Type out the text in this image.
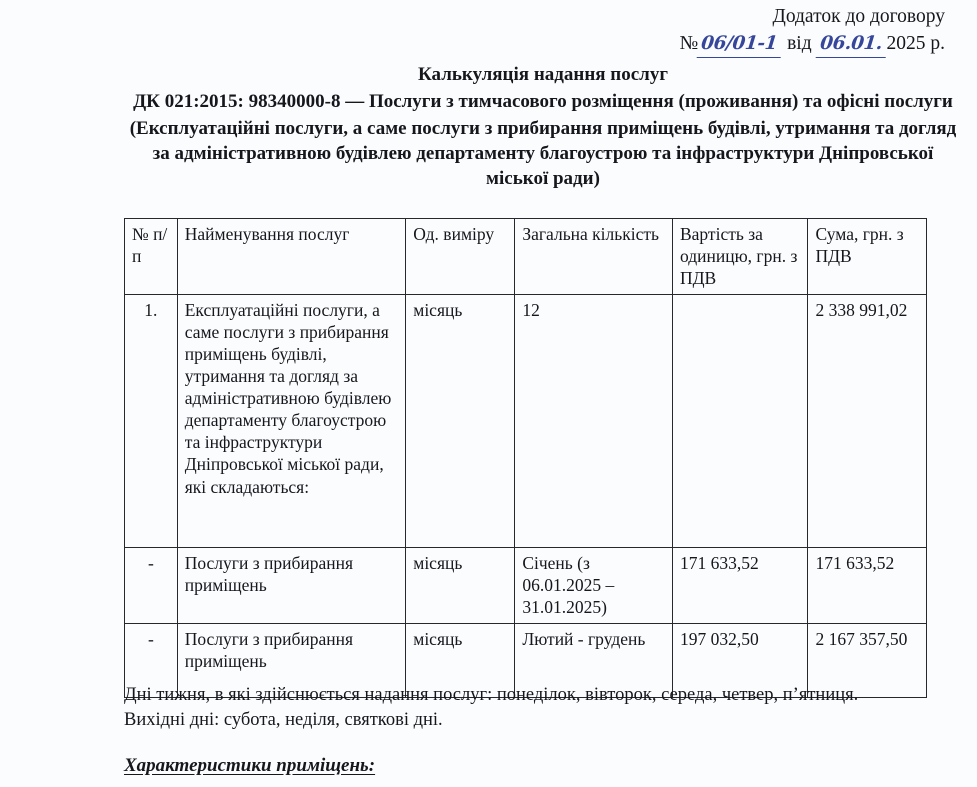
Додаток до договору
№ 06/01-1 від 06.01. 2025 р.
Калькуляція надання послуг
ДК 021:2015: 98340000-8 — Послуги з тимчасового розміщення (проживання) та офісні послуги
(Експлуатаційні послуги, а саме послуги з прибирання приміщень будівлі, утримання та догляд за адміністративною будівлею департаменту благоустрою та інфраструктури Дніпровської міської ради)
№ п/п	Найменування послуг	Од. виміру	Загальна кількість	Вартість за одиницю, грн. з ПДВ	Сума, грн. з ПДВ
1.	Експлуатаційні послуги, а саме послуги з прибирання приміщень будівлі, утримання та догляд за адміністративною будівлею департаменту благоустрою та інфраструктури Дніпровської міської ради, які складаються:	місяць	12		2 338 991,02
-	Послуги з прибирання приміщень	місяць	Січень (з 06.01.2025 – 31.01.2025)	171 633,52	171 633,52
-	Послуги з прибирання приміщень	місяць	Лютий - грудень	197 032,50	2 167 357,50
Дні тижня, в які здійснюється надання послуг: понеділок, вівторок, середа, четвер, п’ятниця.
Вихідні дні: субота, неділя, святкові дні.
Характеристики приміщень:
